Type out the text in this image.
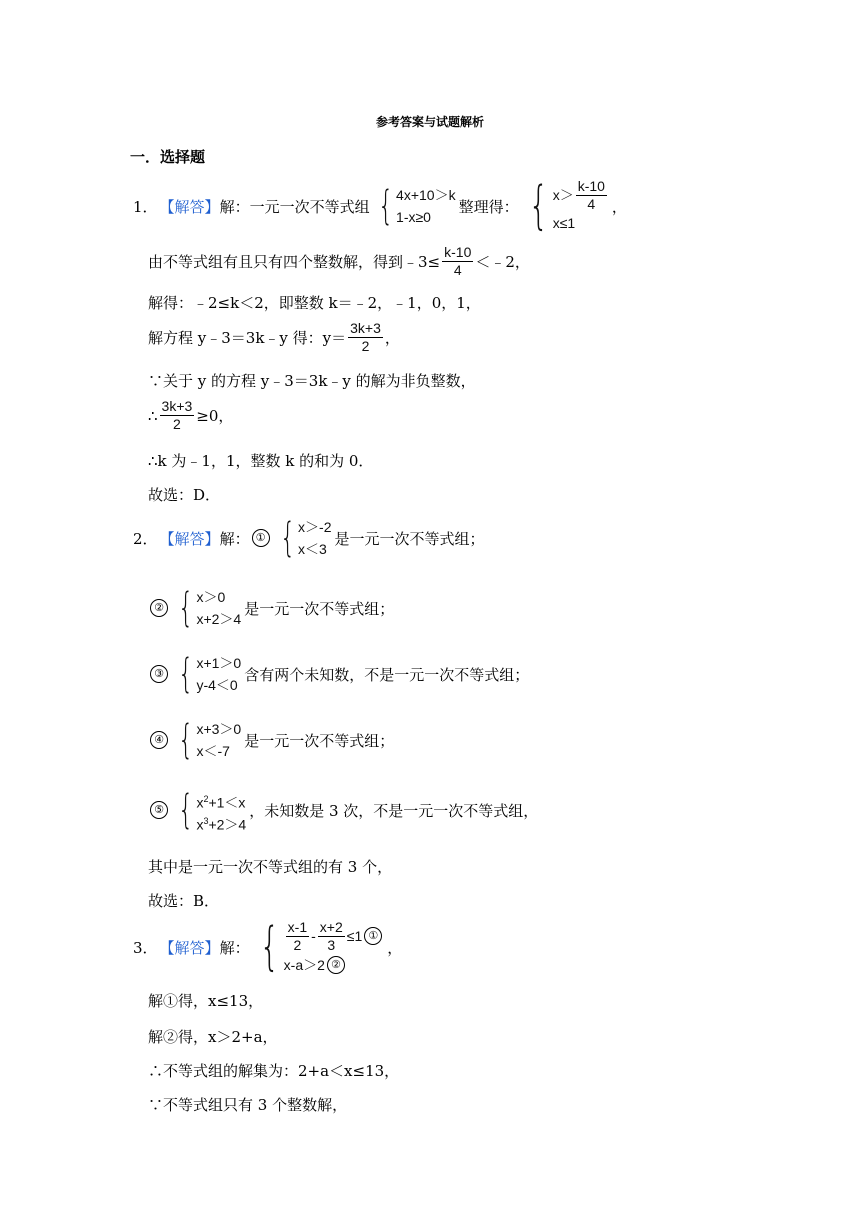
参考答案与试题解析
一．选择题
1． 【解答】 解：一元一次不等式组 { 4x+10＞k
1-x≥0
整理得： { $x> \frac{k-10}{4}$
x≤1
，
由不等式组有且只有四个整数解，得到﹣3≤ $\frac{k-10}{4}$ ＜﹣2，
解得：﹣2≤k＜2，即整数 k＝﹣2，﹣1，0，1，
解方程 y﹣3＝3k﹣y 得：$y= \frac{3k+3}{2}$ ，
∵关于 y 的方程 y﹣3＝3k﹣y 的解为非负整数，
∴ $\frac{3k+3}{2} \ge 0$，
∴k 为﹣1，1，整数 k 的和为 0．
故选：D．
2． 【解答】 解： ① { x＞-2
x＜3
是一元一次不等式组；
② { x＞0
x+2＞4
是一元一次不等式组；
③ { x+1＞0
y-4＜0
含有两个未知数，不是一元一次不等式组；
④ { x+3＞0
x＜-7
是一元一次不等式组；
⑤ { $x^2+1<x$
$x^3+2>4$
，未知数是 3 次，不是一元一次不等式组，
其中是一元一次不等式组的有 3 个，
故选：B．
3． 【解答】 解： { $\frac{x-1}{2} - \frac{x+2}{3} \le 1$ ①
x-a＞2 ②
，
解①得，x≤13，
解②得，x＞2+a，
∴不等式组的解集为：2+a＜x≤13，
∵不等式组只有 3 个整数解，
